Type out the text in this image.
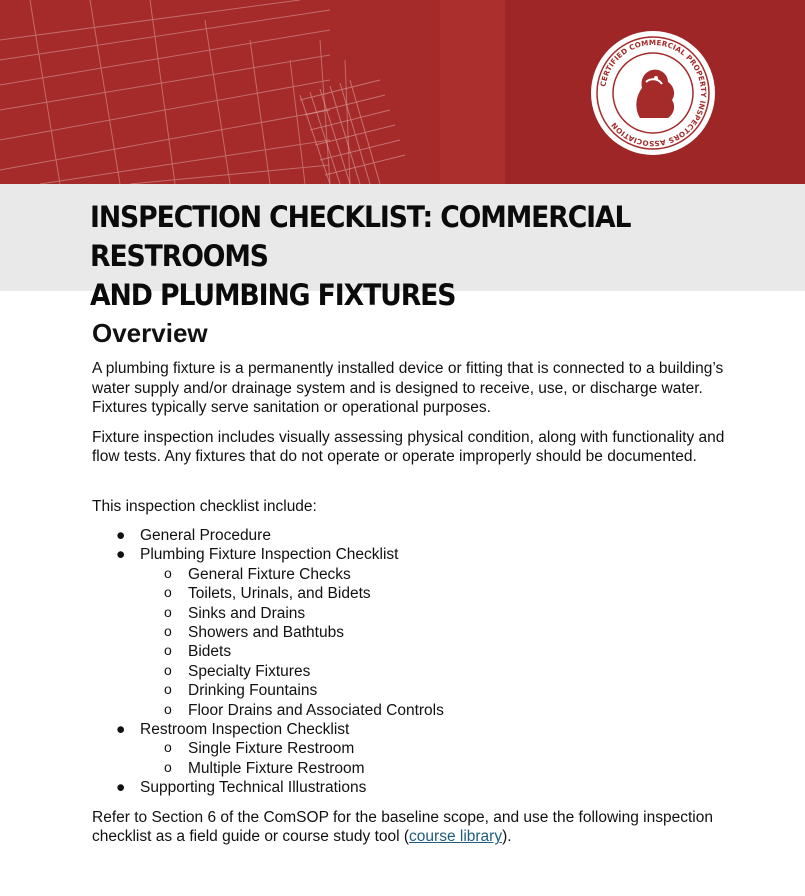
CERTIFIED COMMERCIAL PROPERTY INSPECTORS ASSOCIATION
INSPECTION CHECKLIST: COMMERCIAL RESTROOMS
AND PLUMBING FIXTURES
Overview

A plumbing fixture is a permanently installed device or fitting that is connected to a building’s water supply and/or drainage system and is designed to receive, use, or discharge water. Fixtures typically serve sanitation or operational purposes.

Fixture inspection includes visually assessing physical condition, along with functionality and flow tests. Any fixtures that do not operate or operate improperly should be documented.

This inspection checklist include:

● General Procedure
● Plumbing Fixture Inspection Checklist
o General Fixture Checks
o Toilets, Urinals, and Bidets
o Sinks and Drains
o Showers and Bathtubs
o Bidets
o Specialty Fixtures
o Drinking Fountains
o Floor Drains and Associated Controls
● Restroom Inspection Checklist
o Single Fixture Restroom
o Multiple Fixture Restroom
● Supporting Technical Illustrations

Refer to Section 6 of the ComSOP for the baseline scope, and use the following inspection checklist as a field guide or course study tool (course library).
